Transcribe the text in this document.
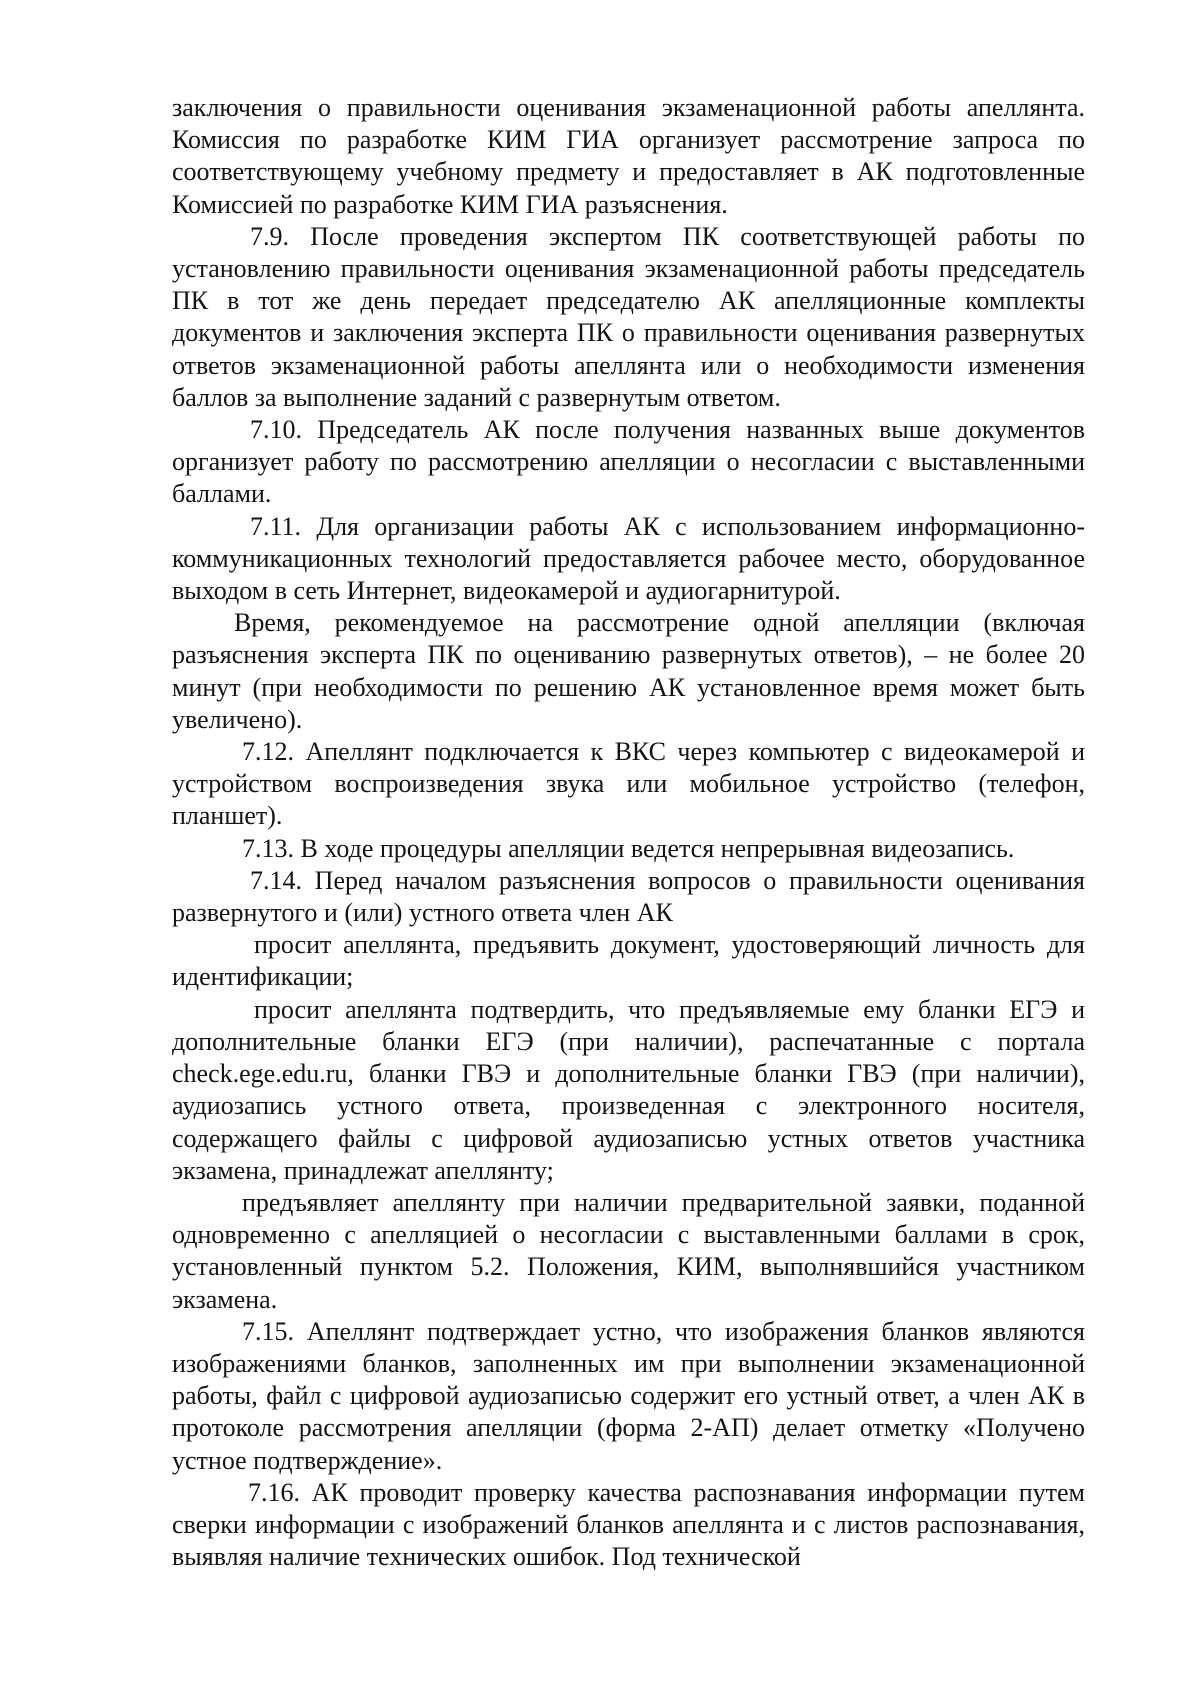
заключения о правильности оценивания экзаменационной работы апеллянта. Комиссия по разработке КИМ ГИА организует рассмотрение запроса по соответствующему учебному предмету и предоставляет в АК подготовленные Комиссией по разработке КИМ ГИА разъяснения.

7.9. После проведения экспертом ПК соответствующей работы по установлению правильности оценивания экзаменационной работы председатель ПК в тот же день передает председателю АК апелляционные комплекты документов и заключения эксперта ПК о правильности оценивания развернутых ответов экзаменационной работы апеллянта или о необходимости изменения баллов за выполнение заданий с развернутым ответом.

7.10. Председатель АК после получения названных выше документов организует работу по рассмотрению апелляции о несогласии с выставленными баллами.

7.11. Для организации работы АК с использованием информационно-коммуникационных технологий предоставляется рабочее место, оборудованное выходом в сеть Интернет, видеокамерой и аудиогарнитурой.

Время, рекомендуемое на рассмотрение одной апелляции (включая разъяснения эксперта ПК по оцениванию развернутых ответов), – не более 20 минут (при необходимости по решению АК установленное время может быть увеличено).

7.12. Апеллянт подключается к ВКС через компьютер с видеокамерой и устройством воспроизведения звука или мобильное устройство (телефон, планшет).

7.13. В ходе процедуры апелляции ведется непрерывная видеозапись.

7.14. Перед началом разъяснения вопросов о правильности оценивания развернутого и (или) устного ответа член АК

просит апеллянта, предъявить документ, удостоверяющий личность для идентификации;

просит апеллянта подтвердить, что предъявляемые ему бланки ЕГЭ и дополнительные бланки ЕГЭ (при наличии), распечатанные с портала check.ege.edu.ru, бланки ГВЭ и дополнительные бланки ГВЭ (при наличии), аудиозапись устного ответа, произведенная с электронного носителя, содержащего файлы с цифровой аудиозаписью устных ответов участника экзамена, принадлежат апеллянту;

предъявляет апеллянту при наличии предварительной заявки, поданной одновременно с апелляцией о несогласии с выставленными баллами в срок, установленный пунктом 5.2. Положения, КИМ, выполнявшийся участником экзамена.

7.15. Апеллянт подтверждает устно, что изображения бланков являются изображениями бланков, заполненных им при выполнении экзаменационной работы, файл с цифровой аудиозаписью содержит его устный ответ, а член АК в протоколе рассмотрения апелляции (форма 2-АП) делает отметку «Получено устное подтверждение».

7.16. АК проводит проверку качества распознавания информации путем сверки информации с изображений бланков апеллянта и с листов распознавания, выявляя наличие технических ошибок. Под технической
